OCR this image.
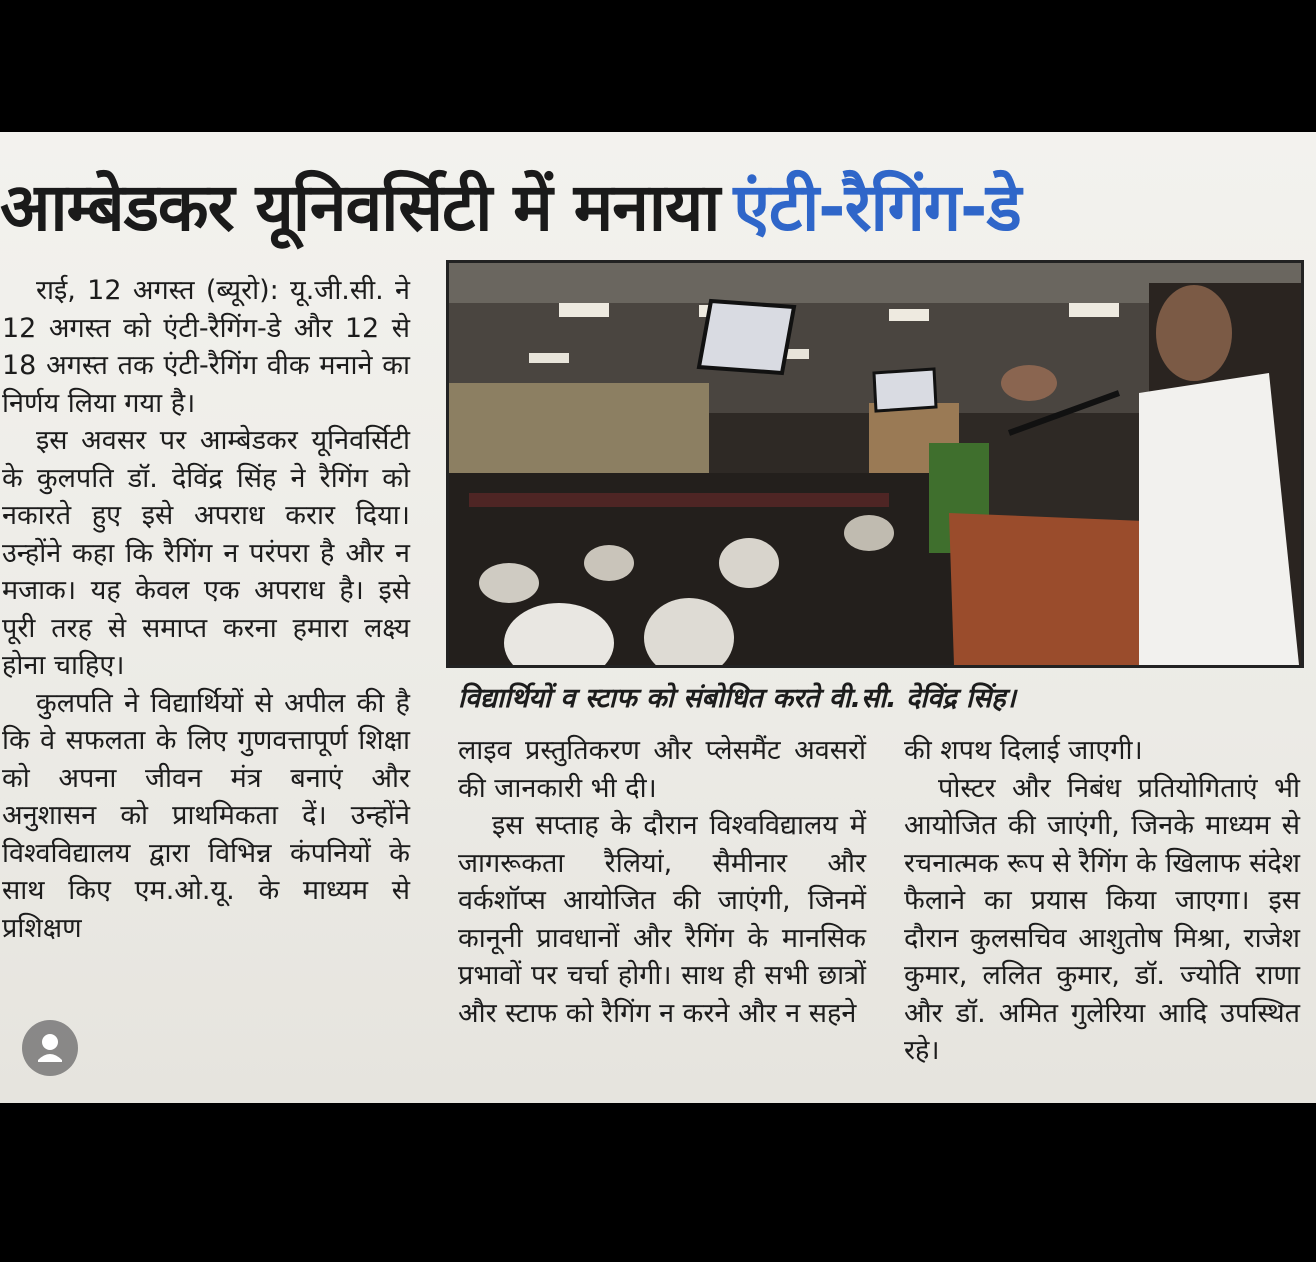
आम्बेडकर यूनिवर्सिटी में मनाया एंटी-रैगिंग-डे

राई, 12 अगस्त (ब्यूरो): यू.जी.सी. ने 12 अगस्त को एंटी-रैगिंग-डे और 12 से 18 अगस्त तक एंटी-रैगिंग वीक मनाने का निर्णय लिया गया है।

इस अवसर पर आम्बेडकर यूनिवर्सिटी के कुलपति डॉ. देविंद्र सिंह ने रैगिंग को नकारते हुए इसे अपराध करार दिया। उन्होंने कहा कि रैगिंग न परंपरा है और न मजाक। यह केवल एक अपराध है। इसे पूरी तरह से समाप्त करना हमारा लक्ष्य होना चाहिए।

कुलपति ने विद्यार्थियों से अपील की है कि वे सफलता के लिए गुणवत्तापूर्ण शिक्षा को अपना जीवन मंत्र बनाएं और अनुशासन को प्राथमिकता दें। उन्होंने विश्वविद्यालय द्वारा विभिन्न कंपनियों के साथ किए एम.ओ.यू. के माध्यम से प्रशिक्षण

विद्यार्थियों व स्टाफ को संबोधित करते वी.सी. देविंद्र सिंह।

लाइव प्रस्तुतिकरण और प्लेसमैंट अवसरों की जानकारी भी दी।

इस सप्ताह के दौरान विश्वविद्यालय में जागरूकता रैलियां, सैमीनार और वर्कशॉप्स आयोजित की जाएंगी, जिनमें कानूनी प्रावधानों और रैगिंग के मानसिक प्रभावों पर चर्चा होगी। साथ ही सभी छात्रों और स्टाफ को रैगिंग न करने और न सहने

की शपथ दिलाई जाएगी।

पोस्टर और निबंध प्रतियोगिताएं भी आयोजित की जाएंगी, जिनके माध्यम से रचनात्मक रूप से रैगिंग के खिलाफ संदेश फैलाने का प्रयास किया जाएगा। इस दौरान कुलसचिव आशुतोष मिश्रा, राजेश कुमार, ललित कुमार, डॉ. ज्योति राणा और डॉ. अमित गुलेरिया आदि उपस्थित रहे।
